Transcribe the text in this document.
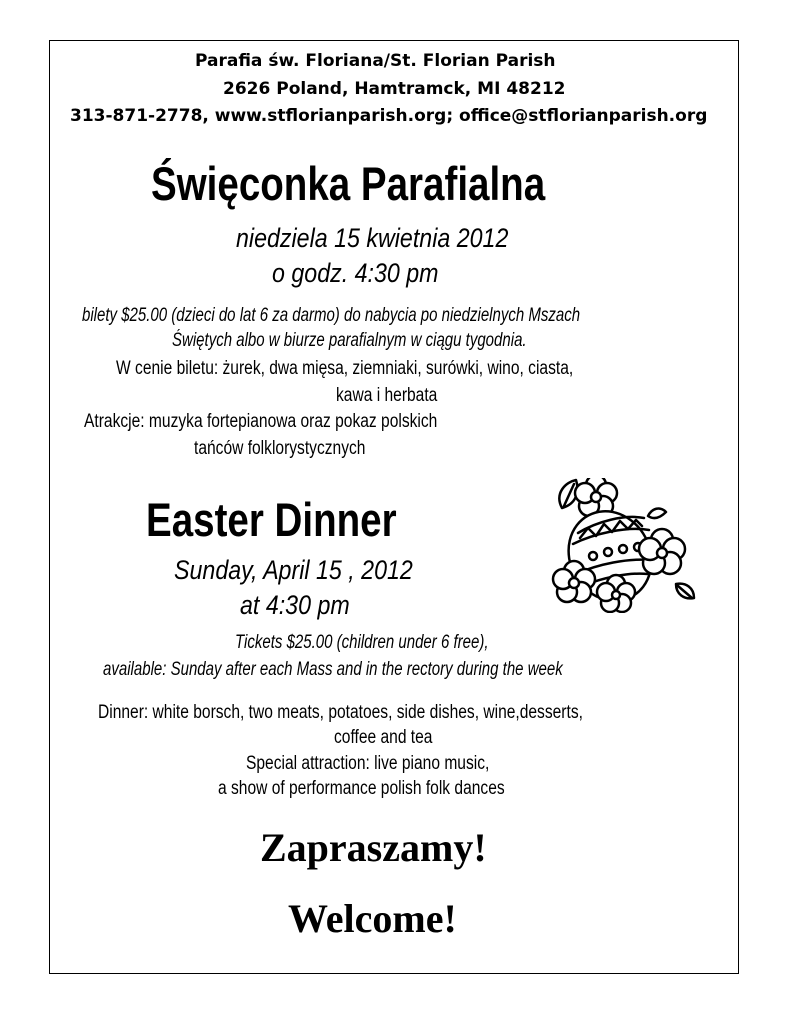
Parafia św. Floriana/St. Florian Parish
2626 Poland, Hamtramck, MI 48212
313-871-2778, www.stflorianparish.org; office@stflorianparish.org
Święconka Parafialna
niedziela 15 kwietnia 2012
o godz. 4:30 pm
bilety $25.00 (dzieci do lat 6 za darmo) do nabycia po niedzielnych Mszach
Świętych albo w biurze parafialnym w ciągu tygodnia.
W cenie biletu: żurek, dwa mięsa, ziemniaki, surówki, wino, ciasta,
kawa i herbata
Atrakcje: muzyka fortepianowa oraz pokaz polskich
tańców folklorystycznych
Easter Dinner
Sunday, April 15 , 2012
at 4:30 pm
Tickets $25.00 (children under 6 free),
available: Sunday after each Mass and in the rectory during the week
Dinner: white borsch, two meats, potatoes, side dishes, wine,desserts,
coffee and tea
Special attraction: live piano music,
a show of performance polish folk dances
Zapraszamy!
Welcome!
